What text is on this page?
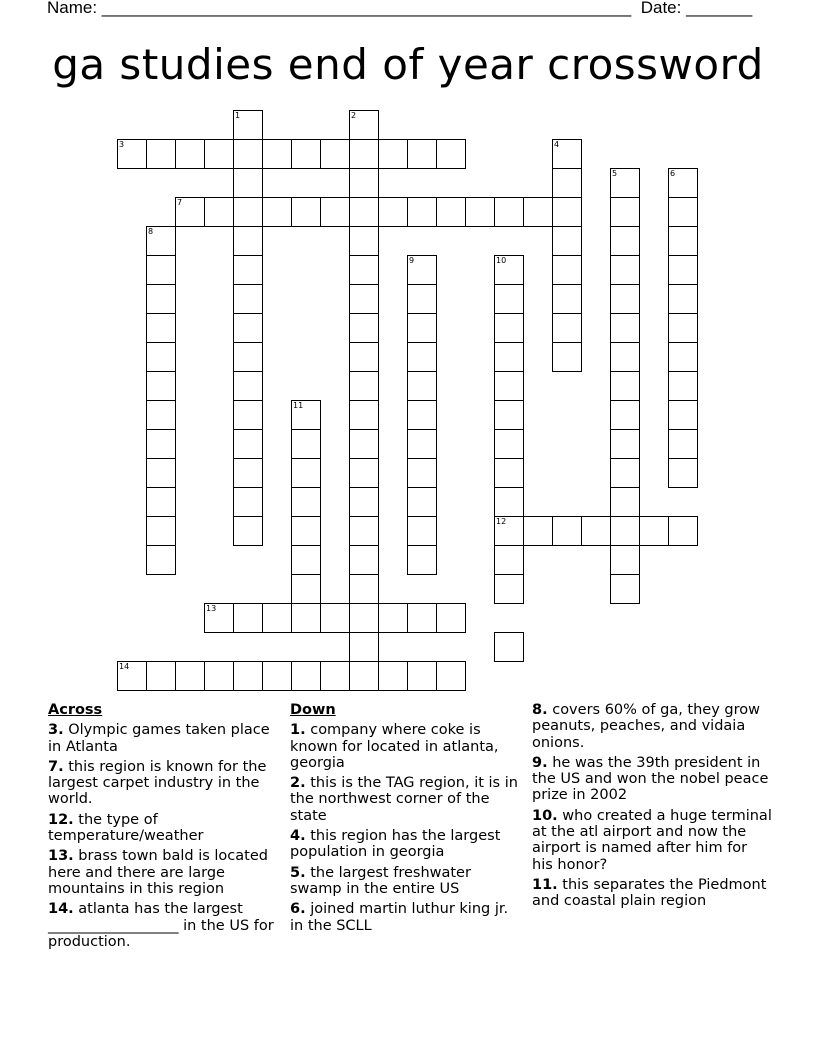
Name: ________________________________________________________ Date: _______
ga studies end of year crossword
1	2
3	4
5	6
7
8
9	10
11
12
13
14
Across
3. Olympic games taken place in Atlanta
7. this region is known for the largest carpet industry in the world.
12. the type of temperature/weather
13. brass town bald is located here and there are large mountains in this region
14. atlanta has the largest __________________ in the US for production.
Down
1. company where coke is known for located in atlanta, georgia
2. this is the TAG region, it is in the northwest corner of the state
4. this region has the largest population in georgia
5. the largest freshwater swamp in the entire US
6. joined martin luthur king jr. in the SCLL
8. covers 60% of ga, they grow peanuts, peaches, and vidaia onions.
9. he was the 39th president in the US and won the nobel peace prize in 2002
10. who created a huge terminal at the atl airport and now the airport is named after him for his honor?
11. this separates the Piedmont and coastal plain region
